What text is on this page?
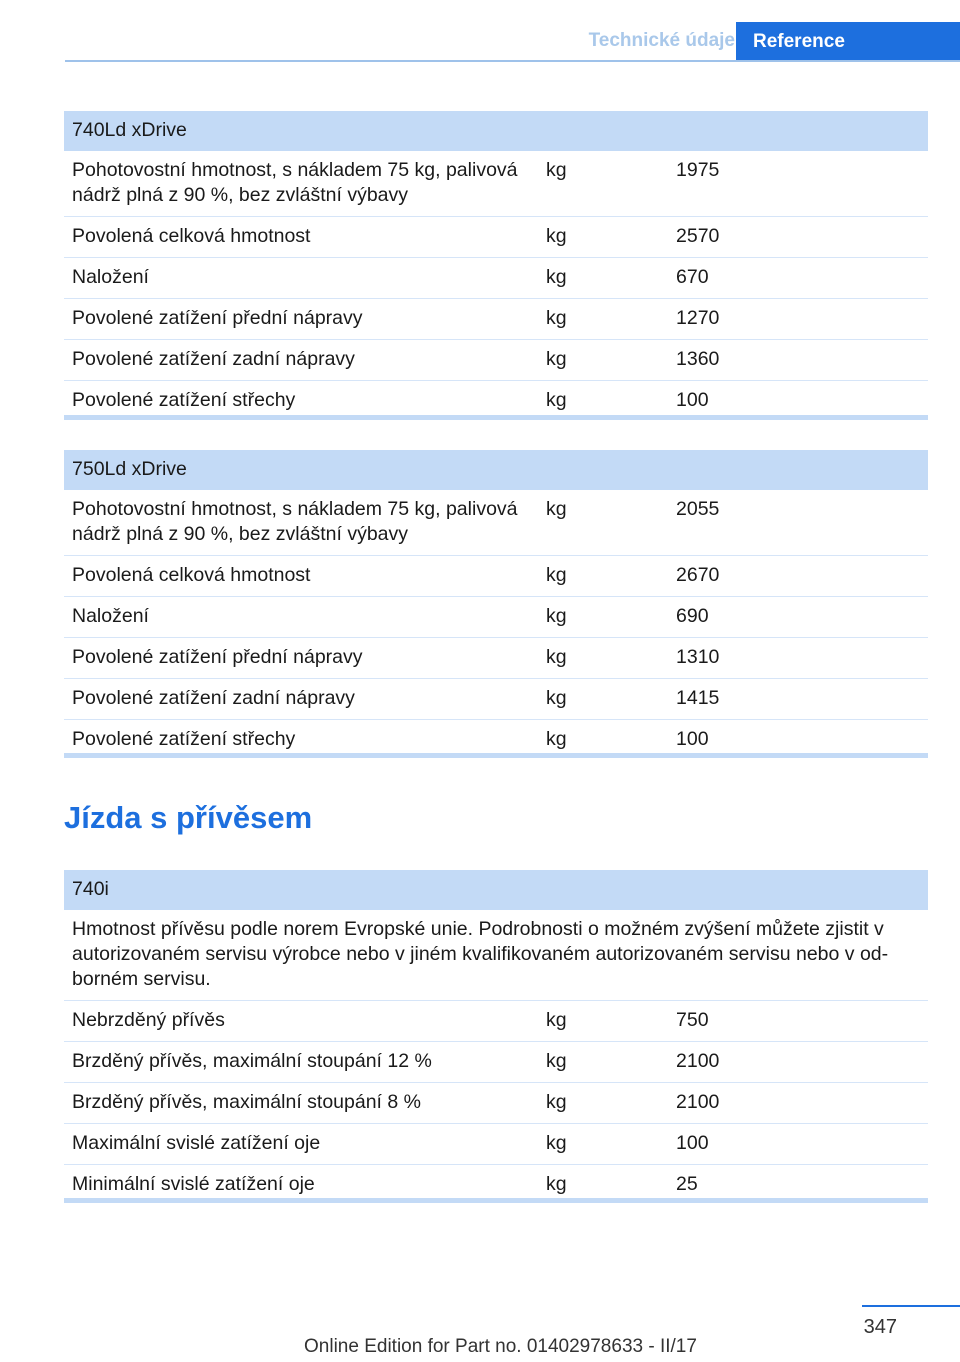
Technické údaje Reference
740Ld xDrive		
Pohotovostní hmotnost, s nákladem 75 kg, palivová nádrž plná z 90 %, bez zvláštní výbavy	kg	1975
Povolená celková hmotnost	kg	2570
Naložení	kg	670
Povolené zatížení přední nápravy	kg	1270
Povolené zatížení zadní nápravy	kg	1360
Povolené zatížení střechy	kg	100
750Ld xDrive		
Pohotovostní hmotnost, s nákladem 75 kg, palivová nádrž plná z 90 %, bez zvláštní výbavy	kg	2055
Povolená celková hmotnost	kg	2670
Naložení	kg	690
Povolené zatížení přední nápravy	kg	1310
Povolené zatížení zadní nápravy	kg	1415
Povolené zatížení střechy	kg	100
Jízda s přívěsem
740i		
Hmotnost přívěsu podle norem Evropské unie. Podrobnosti o možném zvýšení můžete zjistit v autorizovaném servisu výrobce nebo v jiném kvalifikovaném autorizovaném servisu nebo v odborném servisu.		
Nebrzděný přívěs	kg	750
Brzděný přívěs, maximální stoupání 12 %	kg	2100
Brzděný přívěs, maximální stoupání 8 %	kg	2100
Maximální svislé zatížení oje	kg	100
Minimální svislé zatížení oje	kg	25
347
Online Edition for Part no. 01402978633 - II/17
